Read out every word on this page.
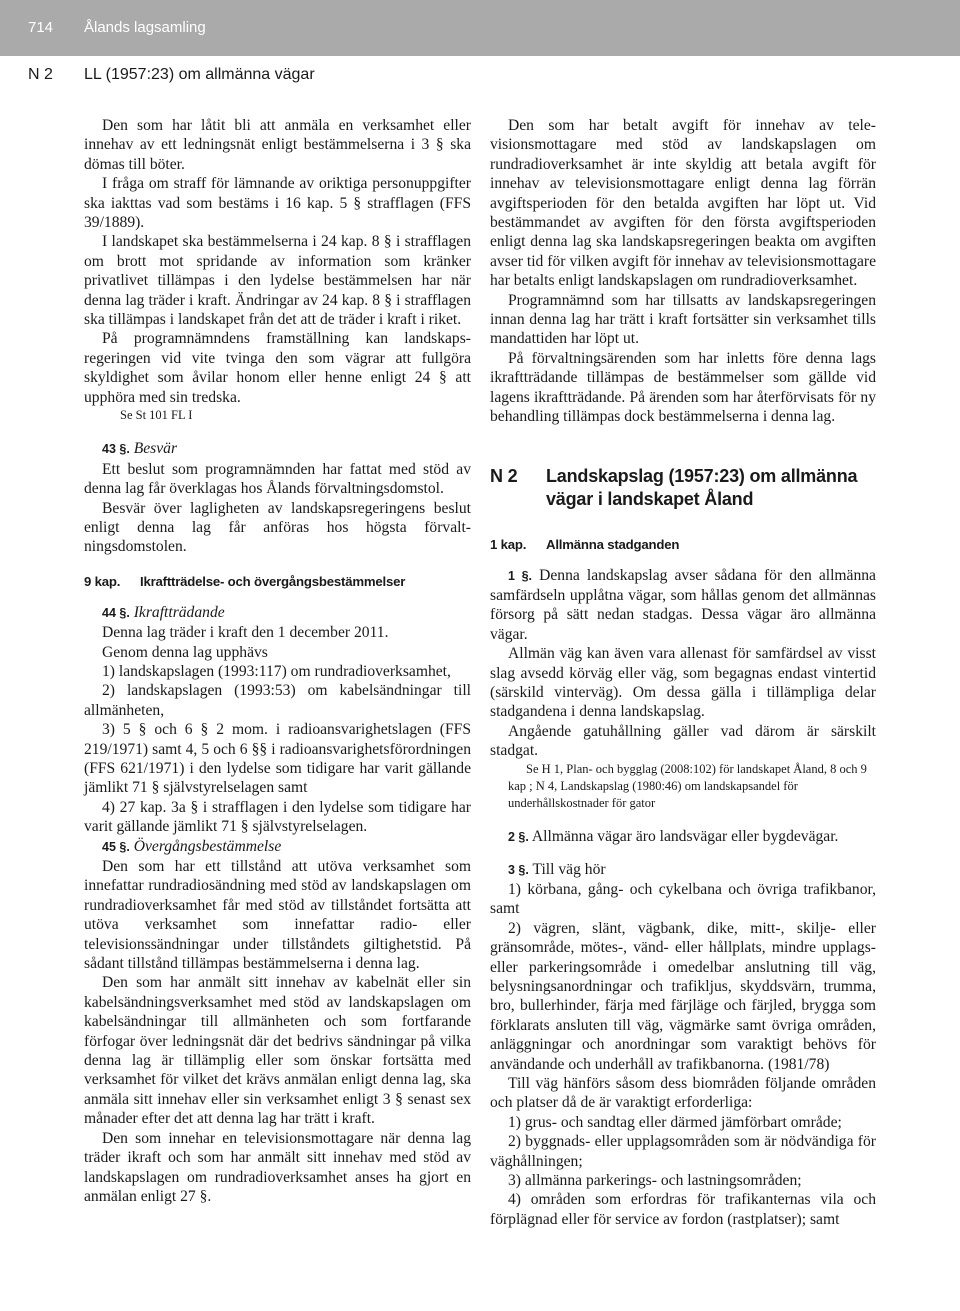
714 Ålands lagsamling
N 2 LL (1957:23) om allmänna vägar

Den som har låtit bli att anmäla en verksamhet eller innehav av ett ledningsnät enligt bestämmelserna i 3 § ska dömas till böter.

I fråga om straff för lämnande av oriktiga personuppgifter ska iakttas vad som bestäms i 16 kap. 5 § strafflagen (FFS 39/1889).

I landskapet ska bestämmelserna i 24 kap. 8 § i strafflagen om brott mot spridande av information som kränker privatlivet tillämpas i den lydelse bestämmelsen har när denna lag träder i kraft. Ändringar av 24 kap. 8 § i strafflagen ska tillämpas i landskapet från det att de träder i kraft i riket.

På programnämndens framställning kan landskapsregeringen vid vite tvinga den som vägrar att fullgöra skyldighet som åvilar honom eller henne enligt 24 § att upphöra med sin tredska.

Se St 101 FL I

43 §. Besvär

Ett beslut som programnämnden har fattat med stöd av denna lag får överklagas hos Ålands förvaltningsdomstol.

Besvär över lagligheten av landskapsregeringens beslut enligt denna lag får anföras hos högsta förvaltningsdomstolen.

9 kap. Ikraftträdelse- och övergångsbestämmelser

44 §. Ikraftträdande

Denna lag träder i kraft den 1 december 2011.

Genom denna lag upphävs

1) landskapslagen (1993:117) om rundradioverksamhet,

2) landskapslagen (1993:53) om kabelsändningar till allmänheten,

3) 5 § och 6 § 2 mom. i radioansvarighetslagen (FFS 219/1971) samt 4, 5 och 6 §§ i radioansvarighetsförordningen (FFS 621/1971) i den lydelse som tidigare har varit gällande jämlikt 71 § självstyrelselagen samt

4) 27 kap. 3a § i strafflagen i den lydelse som tidigare har varit gällande jämlikt 71 § självstyrelselagen.

45 §. Övergångsbestämmelse

Den som har ett tillstånd att utöva verksamhet som innefattar rundradiosändning med stöd av landskapslagen om rundradioverksamhet får med stöd av tillståndet fortsätta att utöva verksamhet som innefattar radio- eller televisionssändningar under tillståndets giltighetstid. På sådant tillstånd tillämpas bestämmelserna i denna lag.

Den som har anmält sitt innehav av kabelnät eller sin kabelsändningsverksamhet med stöd av landskapslagen om kabelsändningar till allmänheten och som fortfarande förfogar över ledningsnät där det bedrivs sändningar på vilka denna lag är tillämplig eller som önskar fortsätta med verksamhet för vilket det krävs anmälan enligt denna lag, ska anmäla sitt innehav eller sin verksamhet enligt 3 § senast sex månader efter det att denna lag har trätt i kraft.

Den som innehar en televisionsmottagare när denna lag träder ikraft och som har anmält sitt innehav med stöd av landskapslagen om rundradioverksamhet anses ha gjort en anmälan enligt 27 §.

Den som har betalt avgift för innehav av televisionsmottagare med stöd av landskapslagen om rundradioverksamhet är inte skyldig att betala avgift för innehav av televisionsmottagare enligt denna lag förrän avgiftsperioden för den betalda avgiften har löpt ut. Vid bestämmandet av avgiften för den första avgiftsperioden enligt denna lag ska landskapsregeringen beakta om avgiften avser tid för vilken avgift för innehav av televisionsmottagare har betalts enligt landskapslagen om rundradioverksamhet.

Programnämnd som har tillsatts av landskapsregeringen innan denna lag har trätt i kraft fortsätter sin verksamhet tills mandattiden har löpt ut.

På förvaltningsärenden som har inletts före denna lags ikraftträdande tillämpas de bestämmelser som gällde vid lagens ikraftträdande. På ärenden som har återförvisats för ny behandling tillämpas dock bestämmelserna i denna lag.

N 2 Landskapslag (1957:23) om allmänna vägar i landskapet Åland
1 kap. Allmänna stadganden

1 §. Denna landskapslag avser sådana för den allmänna samfärdseln upplåtna vägar, som hållas genom det allmännas försorg på sätt nedan stadgas. Dessa vägar äro allmänna vägar.

Allmän väg kan även vara allenast för samfärdsel av visst slag avsedd körväg eller väg, som begagnas endast vintertid (särskild vinterväg). Om dessa gälla i tillämpliga delar stadgandena i denna landskapslag.

Angående gatuhållning gäller vad därom är särskilt stadgat.

Se H 1, Plan- och bygglag (2008:102) för landskapet Åland, 8 och 9 kap ; N 4, Landskapslag (1980:46) om landskapsandel för underhållskostnader för gator

2 §. Allmänna vägar äro landsvägar eller bygdevägar.

3 §. Till väg hör

1) körbana, gång- och cykelbana och övriga trafikbanor, samt

2) vägren, slänt, vägbank, dike, mitt-, skilje- eller gränsområde, mötes-, vänd- eller hållplats, mindre upplags- eller parkeringsområde i omedelbar anslutning till väg, belysningsanordningar och trafikljus, skyddsvärn, trumma, bro, bullerhinder, färja med färjläge och färjled, brygga som förklarats ansluten till väg, vägmärke samt övriga områden, anläggningar och anordningar som varaktigt behövs för användande och underhåll av trafikbanorna. (1981/78)

Till väg hänförs såsom dess biområden följande områden och platser då de är varaktigt erforderliga:

1) grus- och sandtag eller därmed jämförbart område;

2) byggnads- eller upplagsområden som är nödvändiga för väghållningen;

3) allmänna parkerings- och lastningsområden;

4) områden som erfordras för trafikanternas vila och förplägnad eller för service av fordon (rastplatser); samt
